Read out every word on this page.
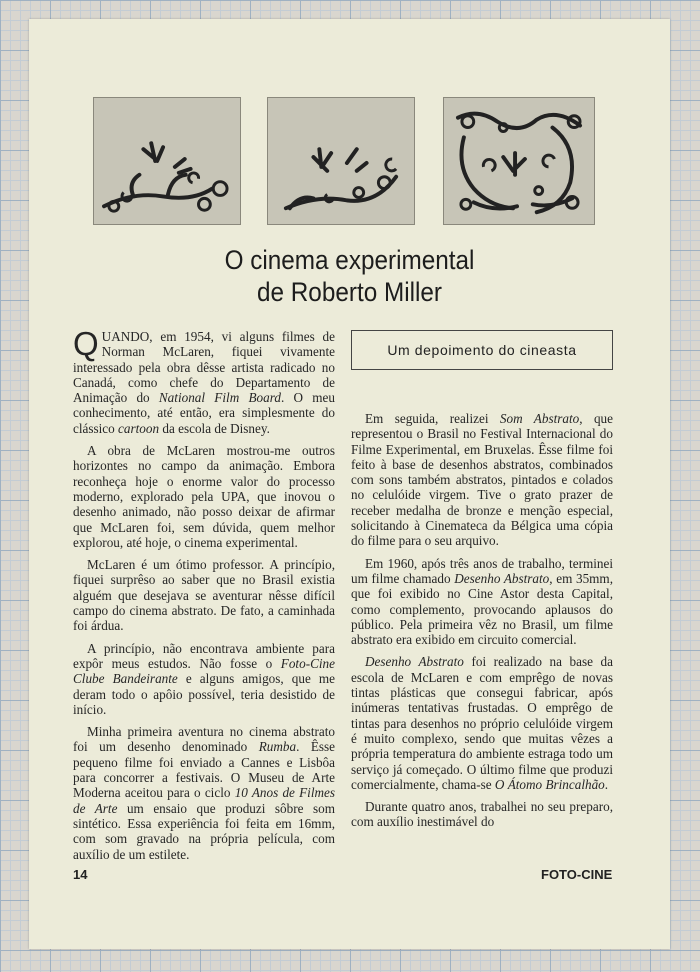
O cinema experimental
de Roberto Miller

QUANDO, em 1954, vi alguns filmes de Norman McLaren, fiquei vivamente interessado pela obra dêsse artista radicado no Canadá, como chefe do Departamento de Animação do National Film Board. O meu conhecimento, até então, era simplesmente do clássico cartoon da escola de Disney.

A obra de McLaren mostrou-me outros horizontes no campo da animação. Embora reconheça hoje o enorme valor do processo moderno, explorado pela UPA, que inovou o desenho animado, não posso deixar de afirmar que McLaren foi, sem dúvida, quem melhor explorou, até hoje, o cinema experimental.

McLaren é um ótimo professor. A princípio, fiquei surprêso ao saber que no Brasil existia alguém que desejava se aventurar nêsse difícil campo do cinema abstrato. De fato, a caminhada foi árdua.

A princípio, não encontrava ambiente para expôr meus estudos. Não fosse o Foto-Cine Clube Bandeirante e alguns amigos, que me deram todo o apôio possível, teria desistido de início.

Minha primeira aventura no cinema abstrato foi um desenho denominado Rumba. Êsse pequeno filme foi enviado a Cannes e Lisbôa para concorrer a festivais. O Museu de Arte Moderna aceitou para o ciclo 10 Anos de Filmes de Arte um ensaio que produzi sôbre som sintético. Essa experiência foi feita em 16mm, com som gravado na própria película, com auxílio de um estilete.

Um depoimento do cineasta

Em seguida, realizei Som Abstrato, que representou o Brasil no Festival Internacional do Filme Experimental, em Bruxelas. Êsse filme foi feito à base de desenhos abstratos, combinados com sons também abstratos, pintados e colados no celulóide virgem. Tive o grato prazer de receber medalha de bronze e menção especial, solicitando à Cinemateca da Bélgica uma cópia do filme para o seu arquivo.

Em 1960, após três anos de trabalho, terminei um filme chamado Desenho Abstrato, em 35mm, que foi exibido no Cine Astor desta Capital, como complemento, provocando aplausos do público. Pela primeira vêz no Brasil, um filme abstrato era exibido em circuito comercial.

Desenho Abstrato foi realizado na base da escola de McLaren e com emprêgo de novas tintas plásticas que consegui fabricar, após inúmeras tentativas frustadas. O emprêgo de tintas para desenhos no próprio celulóide virgem é muito complexo, sendo que muitas vêzes a própria temperatura do ambiente estraga todo um serviço já começado. O último filme que produzi comercialmente, chama-se O Átomo Brincalhão.

Durante quatro anos, trabalhei no seu preparo, com auxílio inestimável do

14	FOTO-CINE
